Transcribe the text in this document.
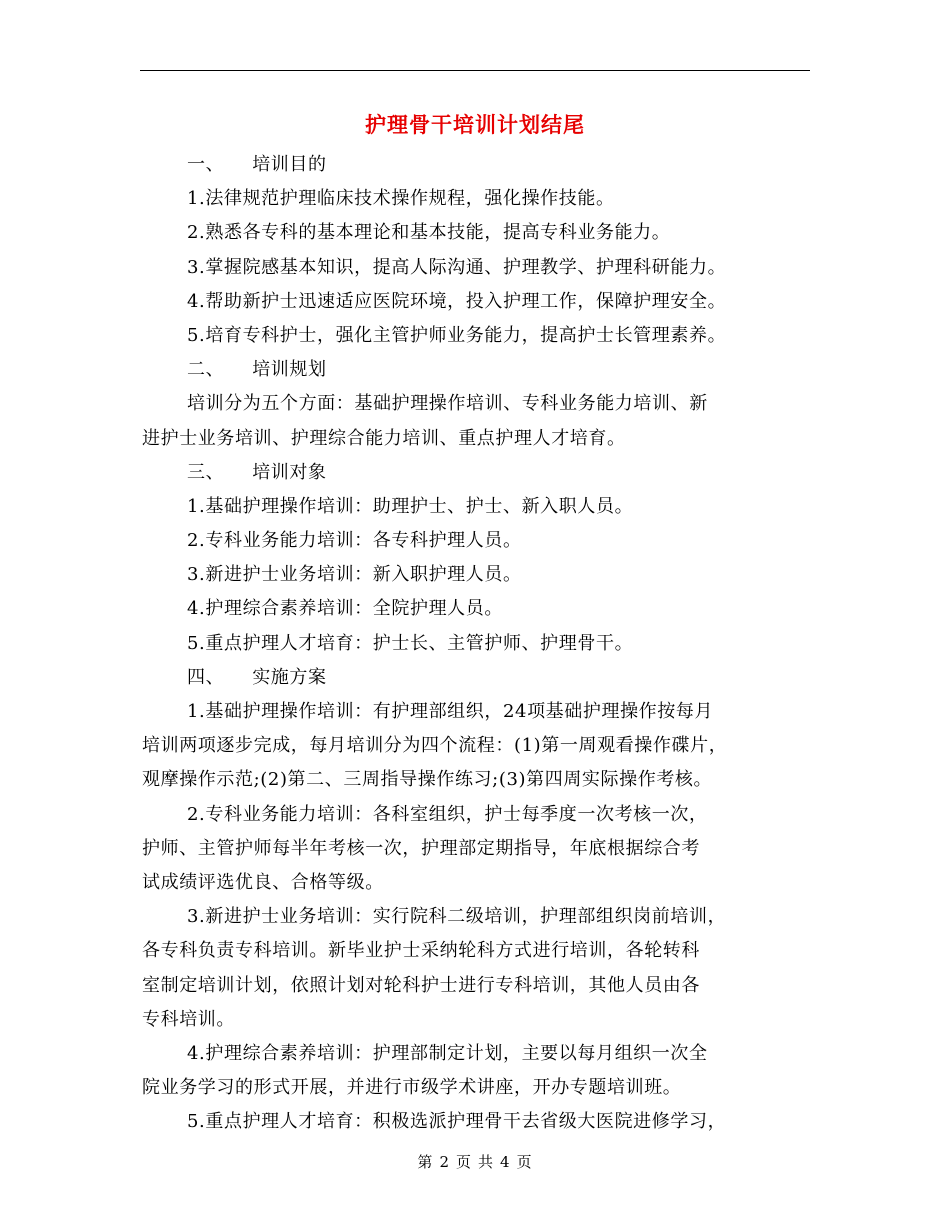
护理骨干培训计划结尾
一、 培训目的
1.法律规范护理临床技术操作规程，强化操作技能。
2.熟悉各专科的基本理论和基本技能，提高专科业务能力。
3.掌握院感基本知识，提高人际沟通、护理教学、护理科研能力。
4.帮助新护士迅速适应医院环境，投入护理工作，保障护理安全。
5.培育专科护士，强化主管护师业务能力，提高护士长管理素养。
二、 培训规划
培训分为五个方面：基础护理操作培训、专科业务能力培训、新
进护士业务培训、护理综合能力培训、重点护理人才培育。
三、 培训对象
1.基础护理操作培训：助理护士、护士、新入职人员。
2.专科业务能力培训：各专科护理人员。
3.新进护士业务培训：新入职护理人员。
4.护理综合素养培训：全院护理人员。
5.重点护理人才培育：护士长、主管护师、护理骨干。
四、 实施方案
1.基础护理操作培训：有护理部组织，24项基础护理操作按每月
培训两项逐步完成，每月培训分为四个流程：(1)第一周观看操作碟片，
观摩操作示范;(2)第二、三周指导操作练习;(3)第四周实际操作考核。
2.专科业务能力培训：各科室组织，护士每季度一次考核一次，
护师、主管护师每半年考核一次，护理部定期指导，年底根据综合考
试成绩评选优良、合格等级。
3.新进护士业务培训：实行院科二级培训，护理部组织岗前培训，
各专科负责专科培训。新毕业护士采纳轮科方式进行培训，各轮转科
室制定培训计划，依照计划对轮科护士进行专科培训，其他人员由各
专科培训。
4.护理综合素养培训：护理部制定计划，主要以每月组织一次全
院业务学习的形式开展，并进行市级学术讲座，开办专题培训班。
5.重点护理人才培育：积极选派护理骨干去省级大医院进修学习，
第 2 页 共 4 页
